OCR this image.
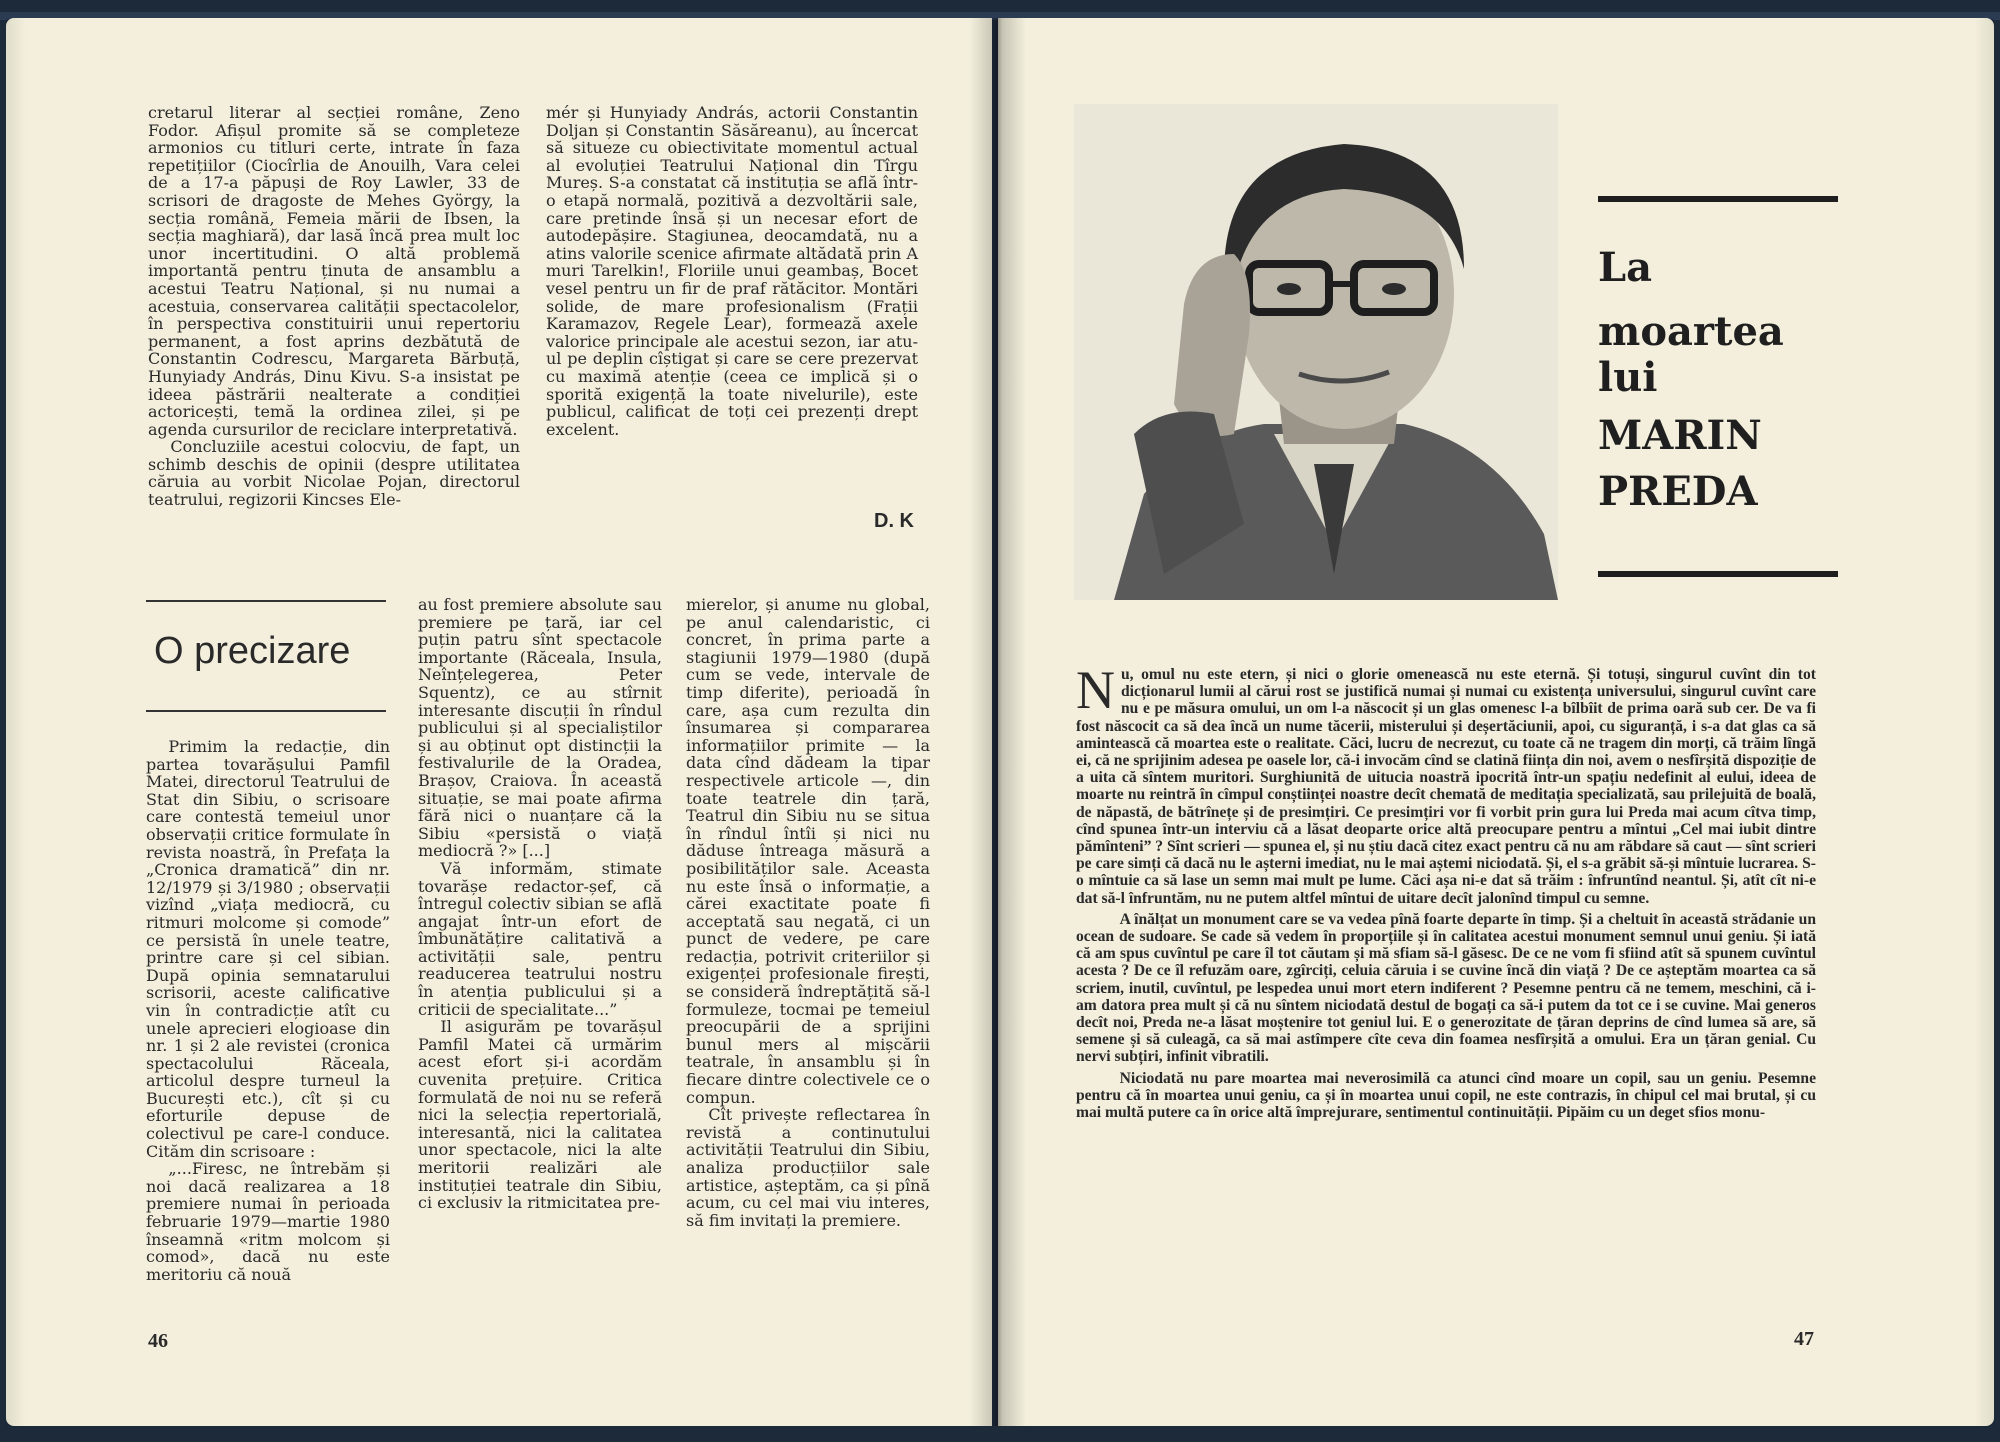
cretarul literar al secției române, Zeno Fodor. Afișul promite să se completeze armonios cu titluri certe, intrate în faza repetițiilor (Ciocîrlia de Anouilh, Vara celei de a 17-a păpuși de Roy Lawler, 33 de scrisori de dragoste de Mehes György, la secția română, Femeia mării de Ibsen, la secția maghiară), dar lasă încă prea mult loc unor incertitudini. O altă problemă importantă pentru ținuta de ansamblu a acestui Teatru Național, și nu numai a acestuia, conservarea calității spectacolelor, în perspectiva constituirii unui repertoriu permanent, a fost aprins dezbătută de Constantin Codrescu, Margareta Bărbuță, Hunyiady András, Dinu Kivu. S-a insistat pe ideea păstrării nealterate a condiției actoricești, temă la ordinea zilei, și pe agenda cursurilor de reciclare interpretativă.

Concluziile acestui colocviu, de fapt, un schimb deschis de opinii (despre utilitatea căruia au vorbit Nicolae Pojan, directorul teatrului, regizorii Kincses Ele-

mér și Hunyiady András, actorii Constantin Doljan și Constantin Săsăreanu), au încercat să situeze cu obiectivitate momentul actual al evoluției Teatrului Național din Tîrgu Mureș. S-a constatat că instituția se află într-o etapă normală, pozitivă a dezvoltării sale, care pretinde însă și un necesar efort de autodepășire. Stagiunea, deocamdată, nu a atins valorile scenice afirmate altădată prin A muri Tarelkin!, Floriile unui geambaș, Bocet vesel pentru un fir de praf rătăcitor. Montări solide, de mare profesionalism (Frații Karamazov, Regele Lear), formează axele valorice principale ale acestui sezon, iar atu-ul pe deplin cîștigat și care se cere prezervat cu maximă atenție (ceea ce implică și o sporită exigență la toate nivelurile), este publicul, calificat de toți cei prezenți drept excelent.

D. K
O precizare

Primim la redacție, din partea tovarășului Pamfil Matei, directorul Teatrului de Stat din Sibiu, o scrisoare care contestă temeiul unor observații critice formulate în revista noastră, în Prefața la „Cronica dramatică” din nr. 12/1979 și 3/1980 ; observații vizînd „viața mediocră, cu ritmuri molcome și comode” ce persistă în unele teatre, printre care și cel sibian. După opinia semnatarului scrisorii, aceste calificative vin în contradicție atît cu unele aprecieri elogioase din nr. 1 și 2 ale revistei (cronica spectacolului Răceala, articolul despre turneul la București etc.), cît și cu eforturile depuse de colectivul pe care-l conduce. Cităm din scrisoare :

„...Firesc, ne întrebăm și noi dacă realizarea a 18 premiere numai în perioada februarie 1979—martie 1980 înseamnă «ritm molcom și comod», dacă nu este meritoriu că nouă

au fost premiere absolute sau premiere pe țară, iar cel puțin patru sînt spectacole importante (Răceala, Insula, Neînțelegerea, Peter Squentz), ce au stîrnit interesante discuții în rîndul publicului și al specialiștilor și au obținut opt distincții la festivalurile de la Oradea, Brașov, Craiova. În această situație, se mai poate afirma fără nici o nuanțare că la Sibiu «persistă o viață mediocră ?» [...]

Vă informăm, stimate tovarășe redactor-șef, că întregul colectiv sibian se află angajat într-un efort de îmbunătățire calitativă a activității sale, pentru readucerea teatrului nostru în atenția publicului și a criticii de specialitate...”

Il asigurăm pe tovarășul Pamfil Matei că urmărim acest efort și-i acordăm cuvenita prețuire. Critica formulată de noi nu se referă nici la selecția repertorială, interesantă, nici la calitatea unor spectacole, nici la alte meritorii realizări ale instituției teatrale din Sibiu, ci exclusiv la ritmicitatea pre-

mierelor, și anume nu global, pe anul calendaristic, ci concret, în prima parte a stagiunii 1979—1980 (după cum se vede, intervale de timp diferite), perioadă în care, așa cum rezulta din însumarea și compararea informațiilor primite — la data cînd dădeam la tipar respectivele articole —, din toate teatrele din țară, Teatrul din Sibiu nu se situa în rîndul întîi și nici nu dăduse întreaga măsură a posibilităților sale. Aceasta nu este însă o informație, a cărei exactitate poate fi acceptată sau negată, ci un punct de vedere, pe care redacția, potrivit criteriilor și exigenței profesionale firești, se consideră îndreptățită să-l formuleze, tocmai pe temeiul preocupării de a sprijini bunul mers al mișcării teatrale, în ansamblu și în fiecare dintre colectivele ce o compun.

Cît privește reflectarea în revistă a continutului activității Teatrului din Sibiu, analiza producțiilor sale artistice, așteptăm, ca și pînă acum, cu cel mai viu interes, să fim invitați la premiere.

46
La
moartea
lui
MARIN
PREDA

Nu, omul nu este etern, și nici o glorie omenească nu este eternă. Și totuși, singurul cuvînt din tot dicționarul lumii al cărui rost se justifică numai și numai cu existența universului, singurul cuvînt care nu e pe măsura omului, un om l-a născocit și un glas omenesc l-a bîlbîit de prima oară sub cer. De va fi fost născocit ca să dea încă un nume tăcerii, misterului și deșertăciunii, apoi, cu siguranță, i s-a dat glas ca să amintească că moartea este o realitate. Căci, lucru de necrezut, cu toate că ne tragem din morți, că trăim lîngă ei, că ne sprijinim adesea pe oasele lor, că-i invocăm cînd se clatină ființa din noi, avem o nesfîrșită dispoziție de a uita că sîntem muritori. Surghiunită de uitucia noastră ipocrită într-un spațiu nedefinit al eului, ideea de moarte nu reintră în cîmpul conștiinței noastre decît chemată de meditația specializată, sau prilejuită de boală, de năpastă, de bătrînețe și de presimțiri. Ce presimțiri vor fi vorbit prin gura lui Preda mai acum cîtva timp, cînd spunea într-un interviu că a lăsat deoparte orice altă preocupare pentru a mîntui „Cel mai iubit dintre pămînteni” ? Sînt scrieri — spunea el, și nu știu dacă citez exact pentru că nu am răbdare să caut — sînt scrieri pe care simți că dacă nu le așterni imediat, nu le mai aștemi niciodată. Și, el s-a grăbit să-și mîntuie lucrarea. S-o mîntuie ca să lase un semn mai mult pe lume. Căci așa ni-e dat să trăim : înfruntînd neantul. Și, atît cît ni-e dat să-l înfruntăm, nu ne putem altfel mîntui de uitare decît jalonînd timpul cu semne.

A înălțat un monument care se va vedea pînă foarte departe în timp. Și a cheltuit în această strădanie un ocean de sudoare. Se cade să vedem în proporțiile și în calitatea acestui monument semnul unui geniu. Și iată că am spus cuvîntul pe care îl tot căutam și mă sfiam să-l găsesc. De ce ne vom fi sfiind atît să spunem cuvîntul acesta ? De ce îl refuzăm oare, zgîrciți, celuia căruia i se cuvine încă din viață ? De ce așteptăm moartea ca să scriem, inutil, cuvîntul, pe lespedea unui mort etern indiferent ? Pesemne pentru că ne temem, meschini, că i-am datora prea mult și că nu sîntem niciodată destul de bogați ca să-i putem da tot ce i se cuvine. Mai generos decît noi, Preda ne-a lăsat moștenire tot geniul lui. E o generozitate de țăran deprins de cînd lumea să are, să semene și să culeagă, ca să mai astîmpere cîte ceva din foamea nesfîrșită a omului. Era un țăran genial. Cu nervi subțiri, infinit vibratili.

Niciodată nu pare moartea mai neverosimilă ca atunci cînd moare un copil, sau un geniu. Pesemne pentru că în moartea unui geniu, ca și în moartea unui copil, ne este contrazis, în chipul cel mai brutal, și cu mai multă putere ca în orice altă împrejurare, sentimentul continuității. Pipăim cu un deget sfios monu-

47
